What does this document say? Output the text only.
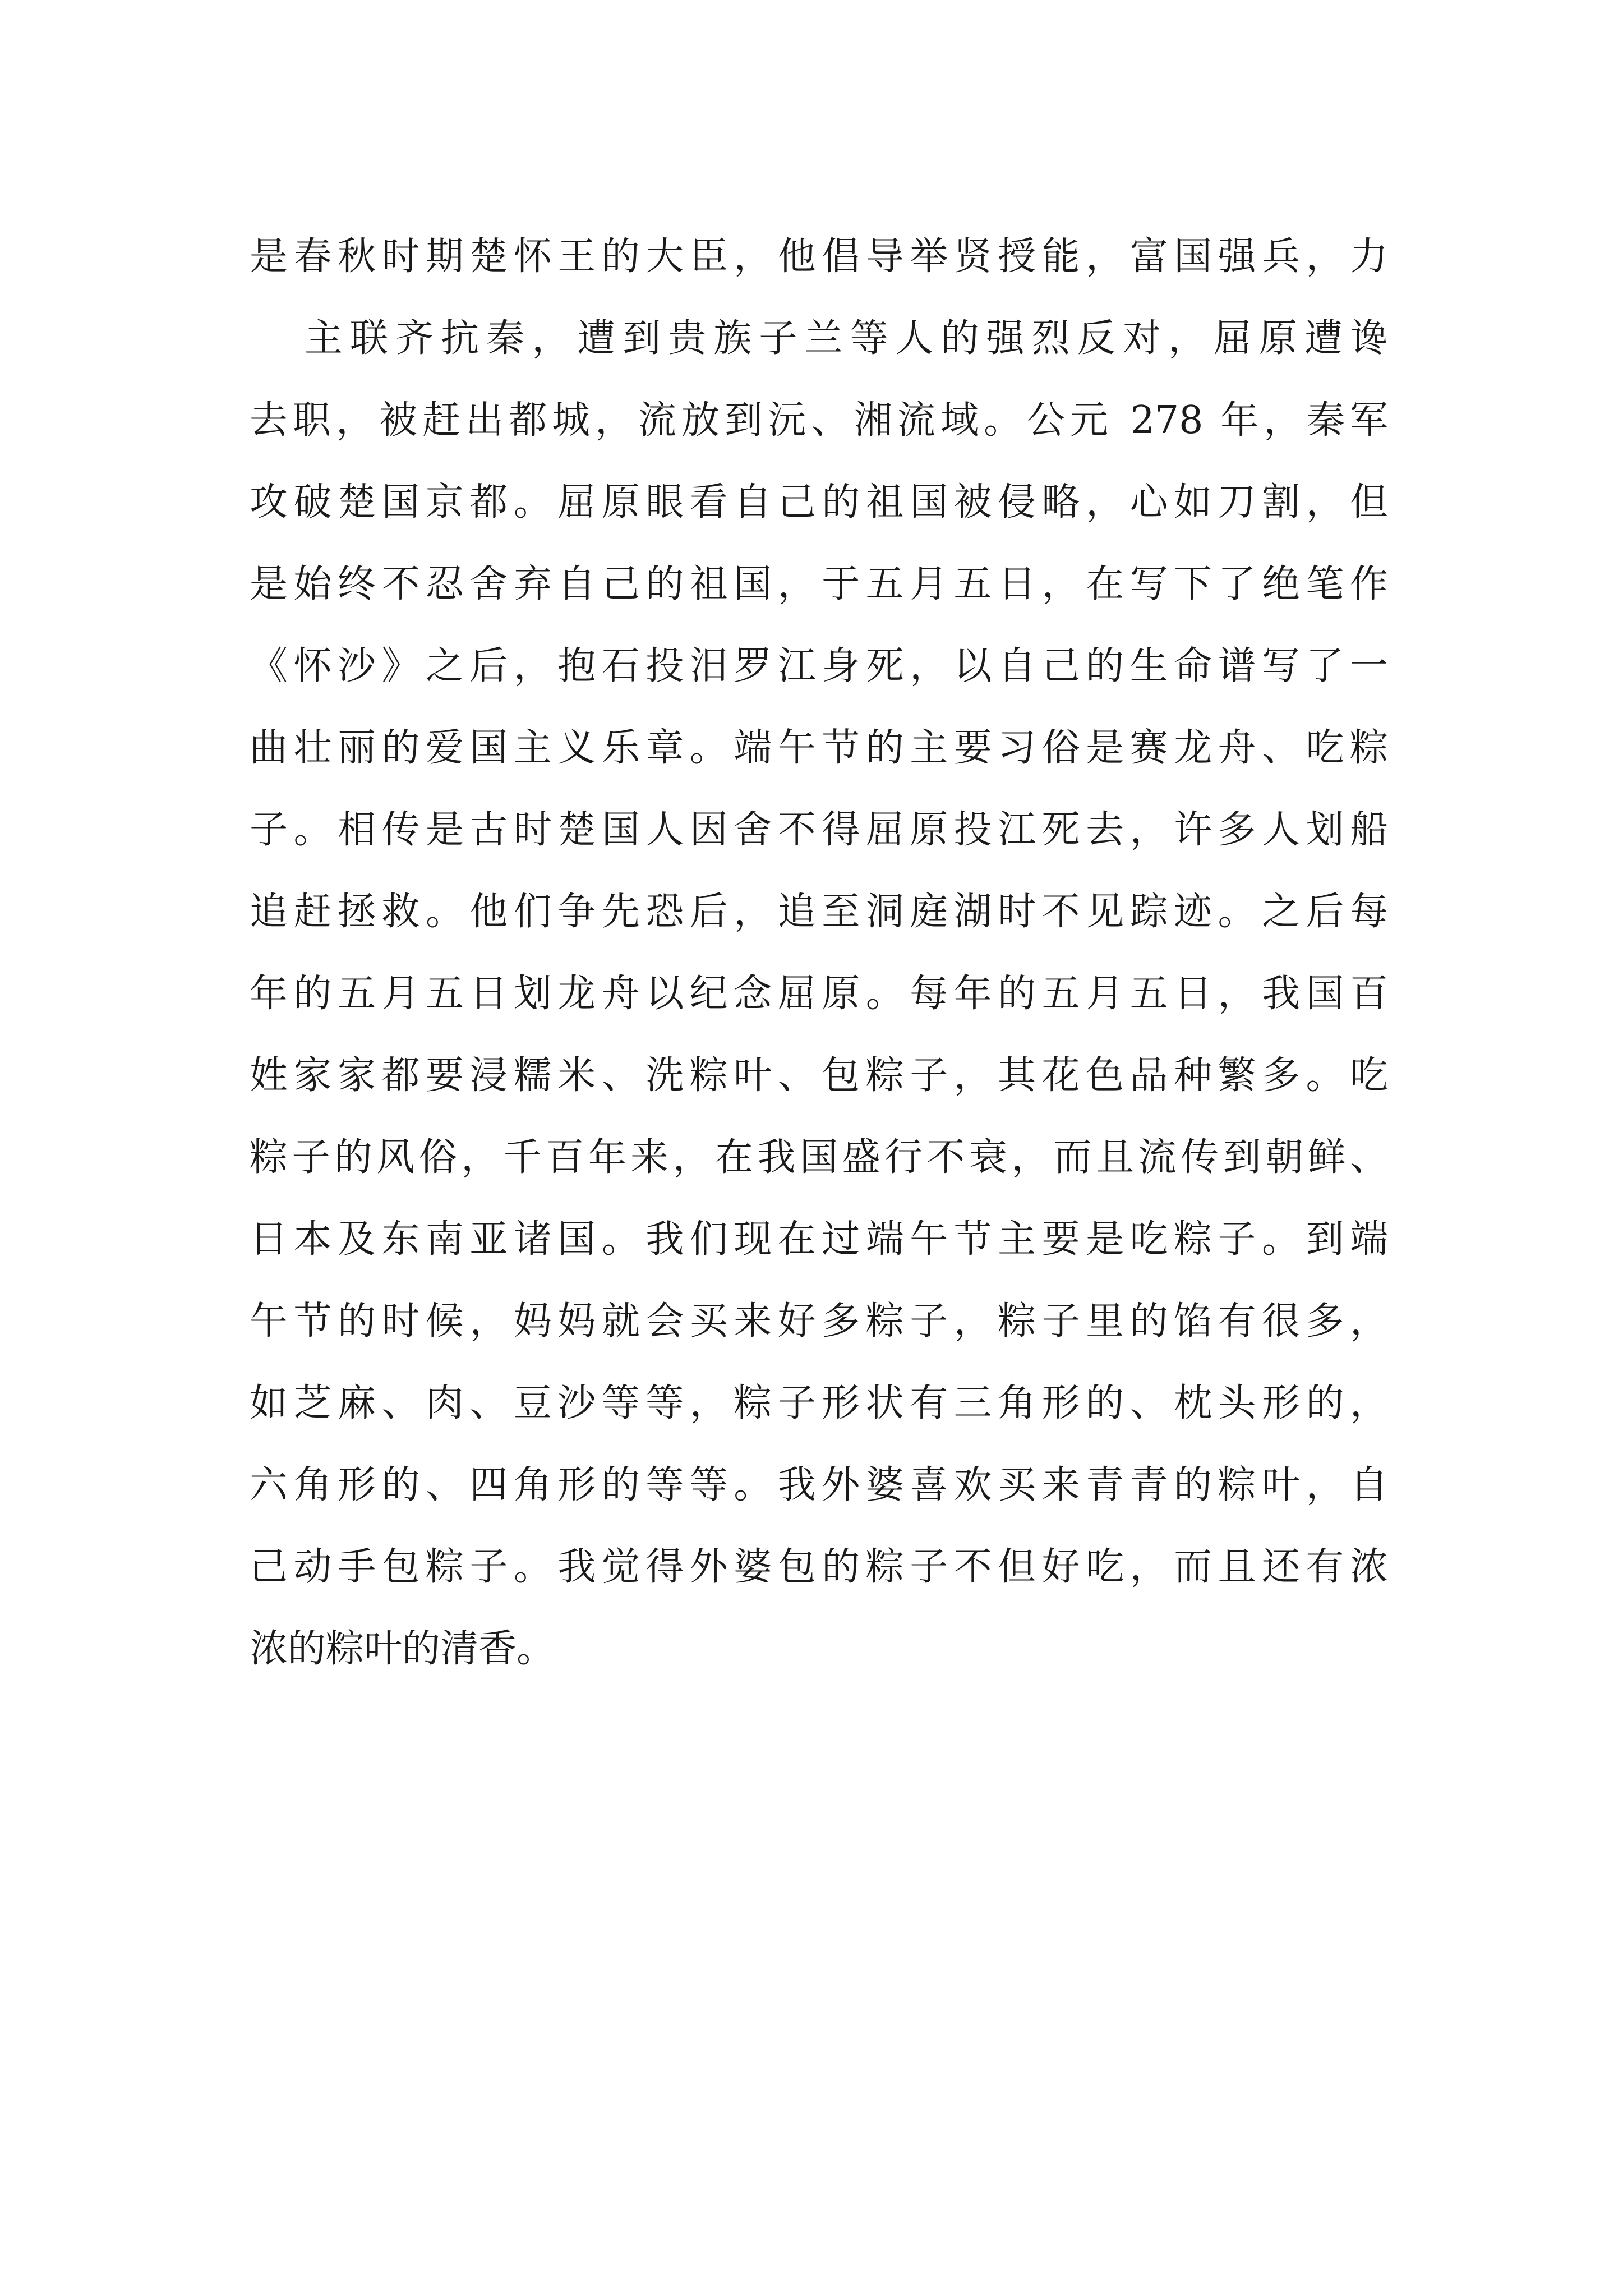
是春秋时期楚怀王的大臣，他倡导举贤授能，富国强兵，力
主联齐抗秦，遭到贵族子兰等人的强烈反对，屈原遭谗
去职，被赶出都城，流放到沅、湘流域。公元 278 年，秦军
攻破楚国京都。屈原眼看自己的祖国被侵略，心如刀割，但
是始终不忍舍弃自己的祖国，于五月五日，在写下了绝笔作
《怀沙》之后，抱石投汨罗江身死，以自己的生命谱写了一
曲壮丽的爱国主义乐章。端午节的主要习俗是赛龙舟、吃粽
子。相传是古时楚国人因舍不得屈原投江死去，许多人划船
追赶拯救。他们争先恐后，追至洞庭湖时不见踪迹。之后每
年的五月五日划龙舟以纪念屈原。每年的五月五日，我国百
姓家家都要浸糯米、洗粽叶、包粽子，其花色品种繁多。吃
粽子的风俗，千百年来，在我国盛行不衰，而且流传到朝鲜、
日本及东南亚诸国。我们现在过端午节主要是吃粽子。到端
午节的时候，妈妈就会买来好多粽子，粽子里的馅有很多，
如芝麻、肉、豆沙等等，粽子形状有三角形的、枕头形的，
六角形的、四角形的等等。我外婆喜欢买来青青的粽叶，自
己动手包粽子。我觉得外婆包的粽子不但好吃，而且还有浓
浓的粽叶的清香。
